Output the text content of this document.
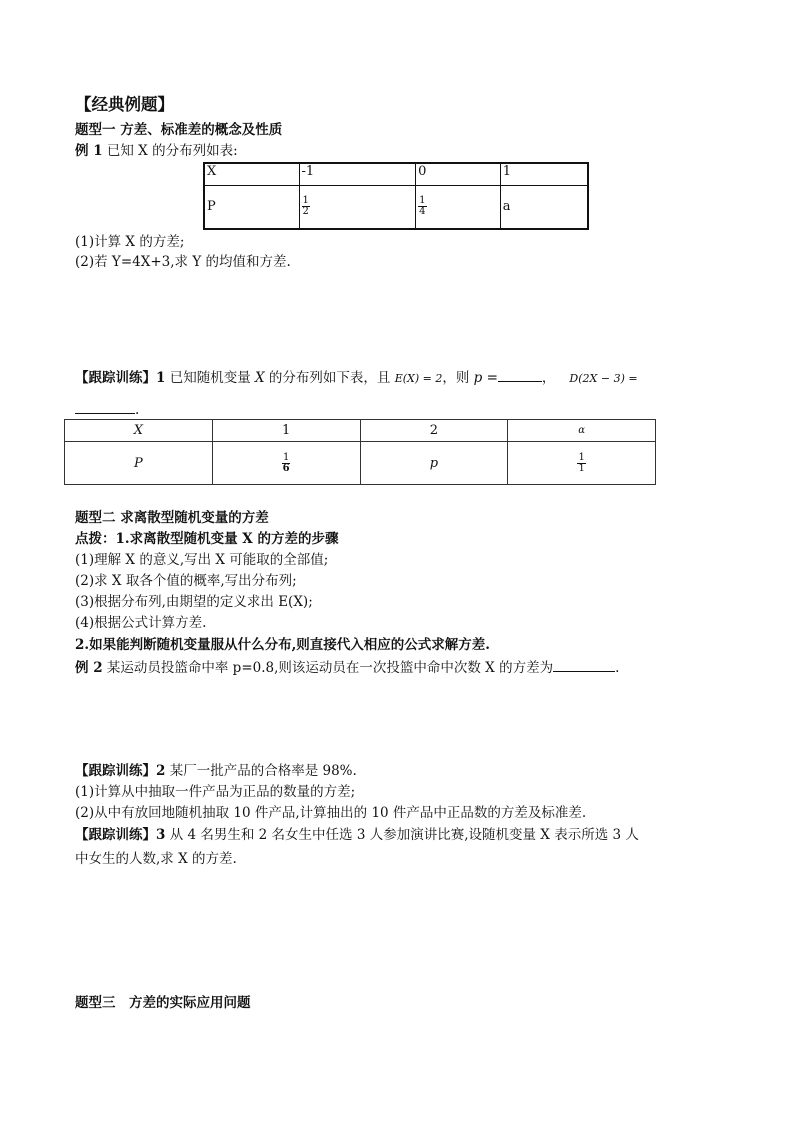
【经典例题】
题型一 方差、标准差的概念及性质
例 1 已知 X 的分布列如表:
X	-1	0	1
P	$\frac{1}{2}$	$\frac{1}{4}$	a
(1)计算 X 的方差;
(2)若 Y=4X+3,求 Y 的均值和方差.
【跟踪训练】1 已知随机变量 X 的分布列如下表，且 E(X) = 2，则 p =	， D(2X − 3) =
.
X	1	2	α
P	$\frac{1}{6}$	p	$\frac{1}{1}$
题型二 求离散型随机变量的方差
点拨：1.求离散型随机变量 X 的方差的步骤
(1)理解 X 的意义,写出 X 可能取的全部值;
(2)求 X 取各个值的概率,写出分布列;
(3)根据分布列,由期望的定义求出 E(X);
(4)根据公式计算方差.
2.如果能判断随机变量服从什么分布,则直接代入相应的公式求解方差.
例 2 某运动员投篮命中率 p=0.8,则该运动员在一次投篮中命中次数 X 的方差为	.
【跟踪训练】2 某厂一批产品的合格率是 98%.
(1)计算从中抽取一件产品为正品的数量的方差;
(2)从中有放回地随机抽取 10 件产品,计算抽出的 10 件产品中正品数的方差及标准差.
【跟踪训练】3 从 4 名男生和 2 名女生中任选 3 人参加演讲比赛,设随机变量 X 表示所选 3 人
中女生的人数,求 X 的方差.
题型三　方差的实际应用问题
